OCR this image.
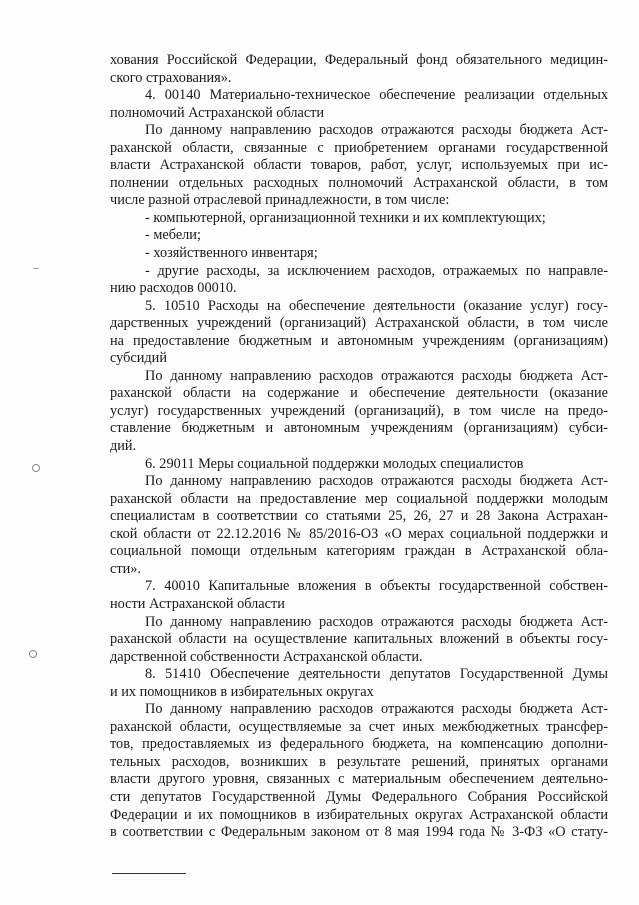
хования Российской Федерации, Федеральный фонд обязательного медицин-
ского страхования».
4. 00140 Материально-техническое обеспечение реализации отдельных
полномочий Астраханской области
По данному направлению расходов отражаются расходы бюджета Аст-
раханской области, связанные с приобретением органами государственной
власти Астраханской области товаров, работ, услуг, используемых при ис-
полнении отдельных расходных полномочий Астраханской области, в том
числе разной отраслевой принадлежности, в том числе:
- компьютерной, организационной техники и их комплектующих;
- мебели;
- хозяйственного инвентаря;
- другие расходы, за исключением расходов, отражаемых по направле-
нию расходов 00010.
5. 10510 Расходы на обеспечение деятельности (оказание услуг) госу-
дарственных учреждений (организаций) Астраханской области, в том числе
на предоставление бюджетным и автономным учреждениям (организациям)
субсидий
По данному направлению расходов отражаются расходы бюджета Аст-
раханской области на содержание и обеспечение деятельности (оказание
услуг) государственных учреждений (организаций), в том числе на предо-
ставление бюджетным и автономным учреждениям (организациям) субси-
дий.
6. 29011 Меры социальной поддержки молодых специалистов
По данному направлению расходов отражаются расходы бюджета Аст-
раханской области на предоставление мер социальной поддержки молодым
специалистам в соответствии со статьями 25, 26, 27 и 28 Закона Астрахан-
ской области от 22.12.2016 № 85/2016-ОЗ «О мерах социальной поддержки и
социальной помощи отдельным категориям граждан в Астраханской обла-
сти».
7. 40010 Капитальные вложения в объекты государственной собствен-
ности Астраханской области
По данному направлению расходов отражаются расходы бюджета Аст-
раханской области на осуществление капитальных вложений в объекты госу-
дарственной собственности Астраханской области.
8. 51410 Обеспечение деятельности депутатов Государственной Думы
и их помощников в избирательных округах
По данному направлению расходов отражаются расходы бюджета Аст-
раханской области, осуществляемые за счет иных межбюджетных трансфер-
тов, предоставляемых из федерального бюджета, на компенсацию дополни-
тельных расходов, возникших в результате решений, принятых органами
власти другого уровня, связанных с материальным обеспечением деятельно-
сти депутатов Государственной Думы Федерального Собрания Российской
Федерации и их помощников в избирательных округах Астраханской области
в соответствии с Федеральным законом от 8 мая 1994 года № 3-ФЗ «О стату-
